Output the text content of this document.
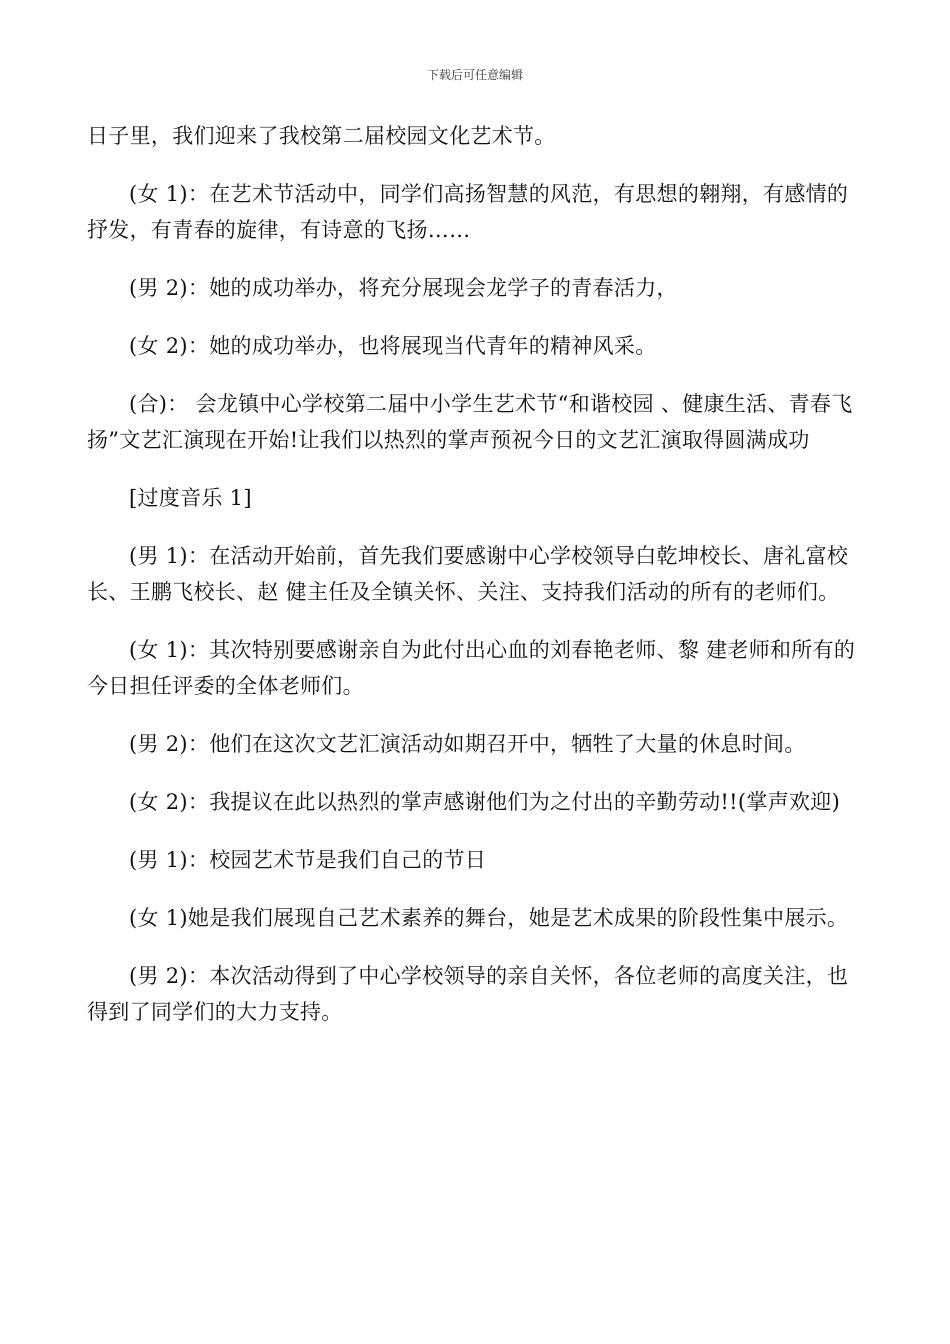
下载后可任意编辑

日子里，我们迎来了我校第二届校园文化艺术节。

(女 1)：在艺术节活动中，同学们高扬智慧的风范，有思想的翱翔，有感情的抒发，有青春的旋律，有诗意的飞扬……

(男 2)：她的成功举办，将充分展现会龙学子的青春活力，

(女 2)：她的成功举办，也将展现当代青年的精神风采。

(合)： 会龙镇中心学校第二届中小学生艺术节“和谐校园 、健康生活、青春飞扬”文艺汇演现在开始!让我们以热烈的掌声预祝今日的文艺汇演取得圆满成功

[过度音乐 1]

(男 1)：在活动开始前，首先我们要感谢中心学校领导白乾坤校长、唐礼富校长、王鹏飞校长、赵 健主任及全镇关怀、关注、支持我们活动的所有的老师们。

(女 1)：其次特别要感谢亲自为此付出心血的刘春艳老师、黎 建老师和所有的今日担任评委的全体老师们。

(男 2)：他们在这次文艺汇演活动如期召开中，牺牲了大量的休息时间。

(女 2)：我提议在此以热烈的掌声感谢他们为之付出的辛勤劳动!!(掌声欢迎)

(男 1)：校园艺术节是我们自己的节日

(女 1)她是我们展现自己艺术素养的舞台，她是艺术成果的阶段性集中展示。

(男 2)：本次活动得到了中心学校领导的亲自关怀，各位老师的高度关注，也得到了同学们的大力支持。
